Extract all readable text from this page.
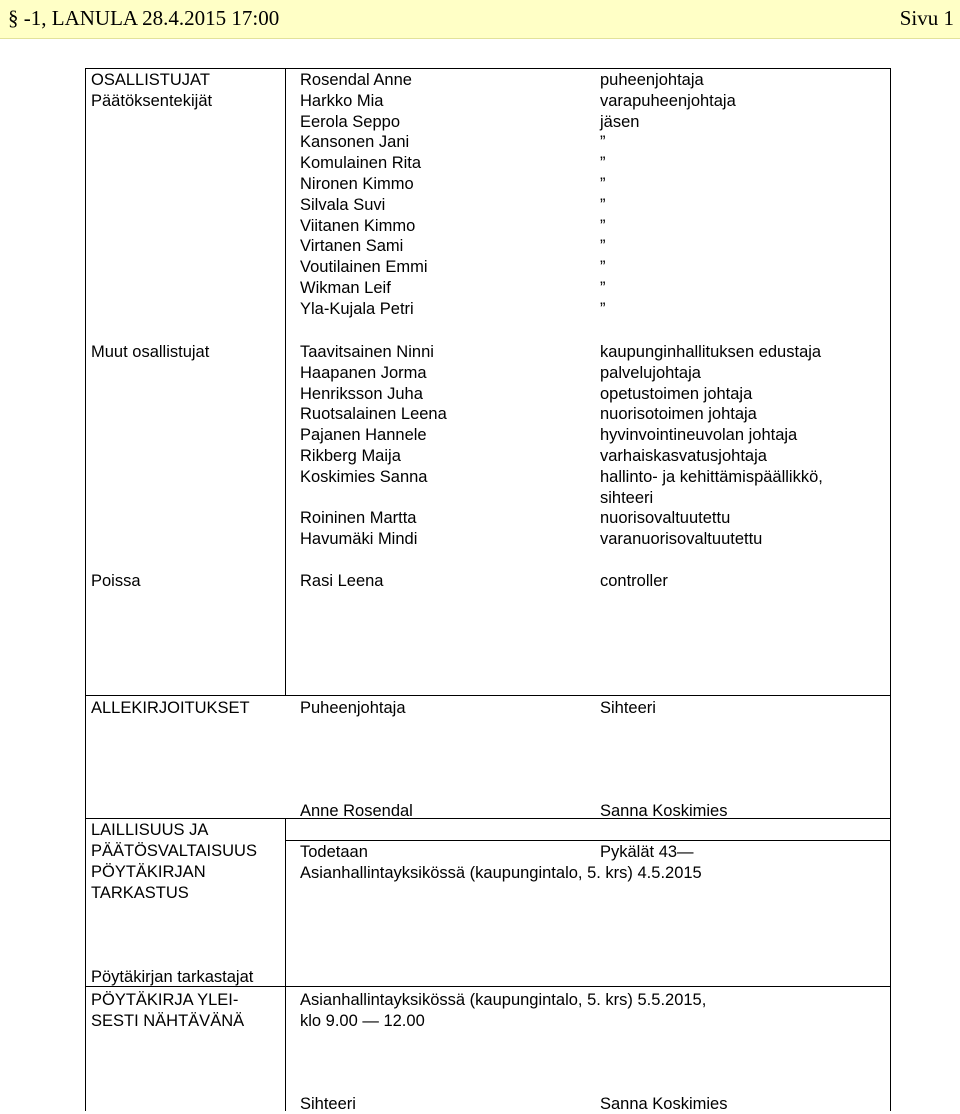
§ -1, LANULA 28.4.2015 17:00	Sivu 1
OSALLISTUJAT
Päätöksentekijät
Rosendal Anne	puheenjohtaja
Harkko Mia	varapuheenjohtaja
Eerola Seppo	jäsen
Kansonen Jani	”
Komulainen Rita	”
Nironen Kimmo	”
Silvala Suvi	”
Viitanen Kimmo	”
Virtanen Sami	”
Voutilainen Emmi	”
Wikman Leif	”
Yla-Kujala Petri	”
Muut osallistujat	Taavitsainen Ninni	kaupunginhallituksen edustaja
Haapanen Jorma	palvelujohtaja
Henriksson Juha	opetustoimen johtaja
Ruotsalainen Leena	nuorisotoimen johtaja
Pajanen Hannele	hyvinvointineuvolan johtaja
Rikberg Maija	varhaiskasvatusjohtaja
Koskimies Sanna	hallinto- ja kehittämispäällikkö,
sihteeri
Roininen Martta	nuorisovaltuutettu
Havumäki Mindi	varanuorisovaltuutettu
Poissa	Rasi Leena	controller
ALLEKIRJOITUKSET	Puheenjohtaja	Sihteeri
Anne Rosendal	Sanna Koskimies
LAILLISUUS JA
PÄÄTÖSVALTAISUUS
PÖYTÄKIRJAN
TARKASTUS
Todetaan	Pykälät 43—
Asianhallintayksikössä (kaupungintalo, 5. krs) 4.5.2015
Pöytäkirjan tarkastajat
PÖYTÄKIRJA YLEI-
SESTI NÄHTÄVÄNÄ
Asianhallintayksikössä (kaupungintalo, 5. krs) 5.5.2015,
klo 9.00 — 12.00
Sihteeri	Sanna Koskimies
